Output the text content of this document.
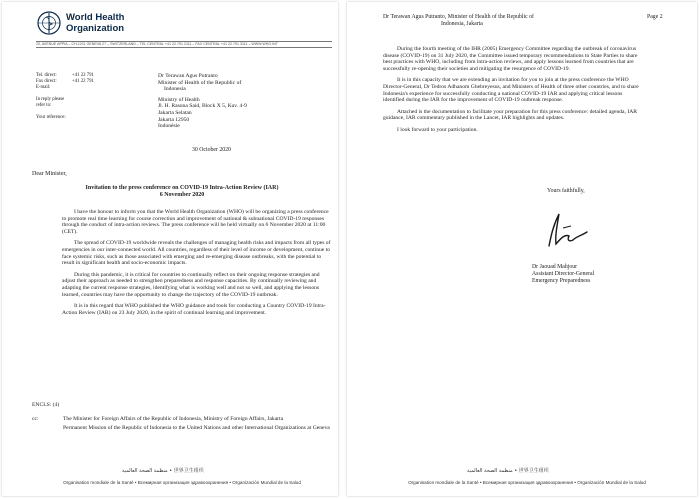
World Health
Organization
20, AVENUE APPIA – CH-1211 GENEVA 27 – SWITZERLAND – TEL CENTRAL +41 22 791 2111 – FAX CENTRAL +41 22 791 3111 – WWW.WHO.INT
Tel. direct:	+41 22 791
Fax direct:	+41 22 791
E-mail:
In reply please
refer to:
Your reference:
Dr Terawan Agus Putranto
Minister of Health of the Republic of
Indonesia
Ministry of Health
Jl. H. Rasuna Said, Block X 5, Kav. 4-9
Jakarta Selatan
Jakarta 12950
Indonésie
30 October 2020
Dear Minister,
Invitation to the press conference on COVID-19 Intra-Action Review (IAR)
6 November 2020

I have the honour to inform you that the World Health Organization (WHO) will be organizing a press conference to promote real time learning for course correction and improvement of national & subnational COVID-19 responses through the conduct of intra-action reviews. The press conference will be held virtually on 6 November 2020 at 11:00 (CET).

The spread of COVID-19 worldwide reveals the challenges of managing health risks and impacts from all types of emergencies in our inter-connected world. All countries, regardless of their level of income or development, continue to face systemic risks, such as those associated with emerging and re-emerging disease outbreaks, with the potential to result in significant health and socio-economic impacts.

During this pandemic, it is critical for countries to continually reflect on their ongoing response strategies and adjust their approach as needed to strengthen preparedness and response capacities. By continually reviewing and adapting the current response strategies, identifying what is working well and not so well, and applying the lessons learned, countries may have the opportunity to change the trajectory of the COVID-19 outbreak.

It is in this regard that WHO published the WHO guidance and tools for conducting a Country COVID-19 Intra-Action Review (IAR) on 23 July 2020, in the spirit of continual learning and improvement.

ENCLS: (4)
cc:	The Minister for Foreign Affairs of the Republic of Indonesia, Ministry of Foreign Affairs, Jakarta
Permanent Mission of the Republic of Indonesia to the United Nations and other International Organizations at Geneva
منظمة الصحة العالمية • 世界卫生组织
Organisation mondiale de la Santé • Всемирная организация здравоохранения • Organización Mundial de la Salud
Dr Terawan Agus Putranto, Minister of Health of the Republic of
Indonesia, Jakarta
Page 2

During the fourth meeting of the IHR (2005) Emergency Committee regarding the outbreak of coronavirus disease (COVID-19) on 31 July 2020, the Committee issued temporary recommendations to State Parties to share best practices with WHO, including from intra-action reviews, and apply lessons learned from countries that are successfully re-opening their societies and mitigating the resurgence of COVID-19.

It is in this capacity that we are extending an invitation for you to join at the press conference the WHO Director-General, Dr Tedros Adhanom Ghebreyesus, and Ministers of Health of three other countries, and to share Indonesia's experience for successfully conducting a national COVID-19 IAR and applying critical lessons identified during the IAR for the improvement of COVID-19 outbreak response.

Attached is the documentation to facilitate your preparation for this press conference: detailed agenda, IAR guidance, IAR commentary published in the Lancet, IAR highlights and updates.

I look forward to your participation.

Yours faithfully,
Dr Jaouad Mahjour
Assistant Director-General
Emergency Preparedness
منظمة الصحة العالمية • 世界卫生组织
Organisation mondiale de la Santé • Всемирная организация здравоохранения • Organización Mundial de la Salud
